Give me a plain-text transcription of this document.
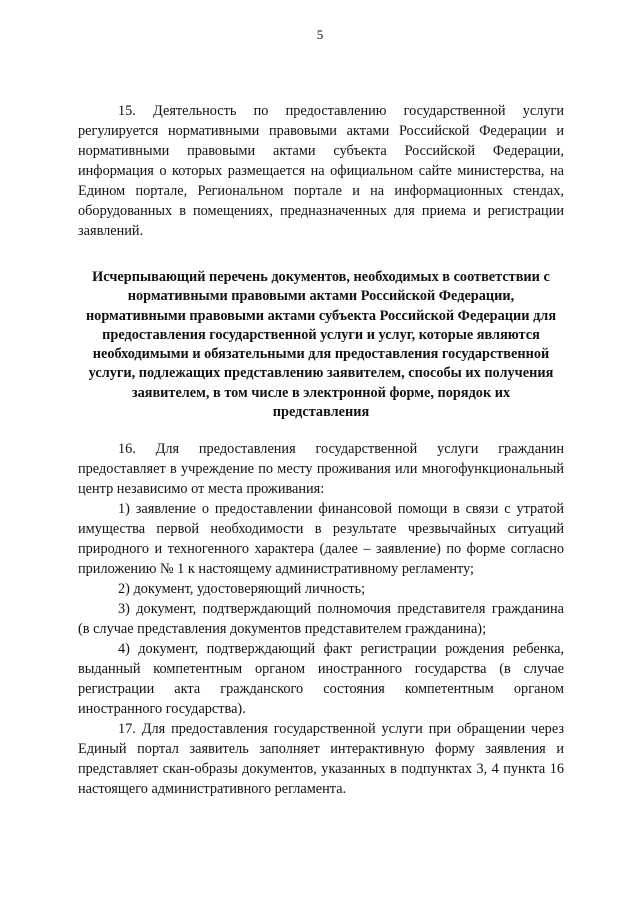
5

15. Деятельность по предоставлению государственной услуги регулируется нормативными правовыми актами Российской Федерации и нормативными правовыми актами субъекта Российской Федерации, информация о которых размещается на официальном сайте министерства, на Едином портале, Региональном портале и на информационных стендах, оборудованных в помещениях, предназначенных для приема и регистрации заявлений.

Исчерпывающий перечень документов, необходимых в соответствии с нормативными правовыми актами Российской Федерации, нормативными правовыми актами субъекта Российской Федерации для предоставления государственной услуги и услуг, которые являются необходимыми и обязательными для предоставления государственной услуги, подлежащих представлению заявителем, способы их получения заявителем, в том числе в электронной форме, порядок их представления

16. Для предоставления государственной услуги гражданин предоставляет в учреждение по месту проживания или многофункциональный центр независимо от места проживания:

1) заявление о предоставлении финансовой помощи в связи с утратой имущества первой необходимости в результате чрезвычайных ситуаций природного и техногенного характера (далее – заявление) по форме согласно приложению № 1 к настоящему административному регламенту;

2) документ, удостоверяющий личность;

3) документ, подтверждающий полномочия представителя гражданина (в случае представления документов представителем гражданина);

4) документ, подтверждающий факт регистрации рождения ребенка, выданный компетентным органом иностранного государства (в случае регистрации акта гражданского состояния компетентным органом иностранного государства).

17. Для предоставления государственной услуги при обращении через Единый портал заявитель заполняет интерактивную форму заявления и представляет скан-образы документов, указанных в подпунктах 3, 4 пункта 16 настоящего административного регламента.
